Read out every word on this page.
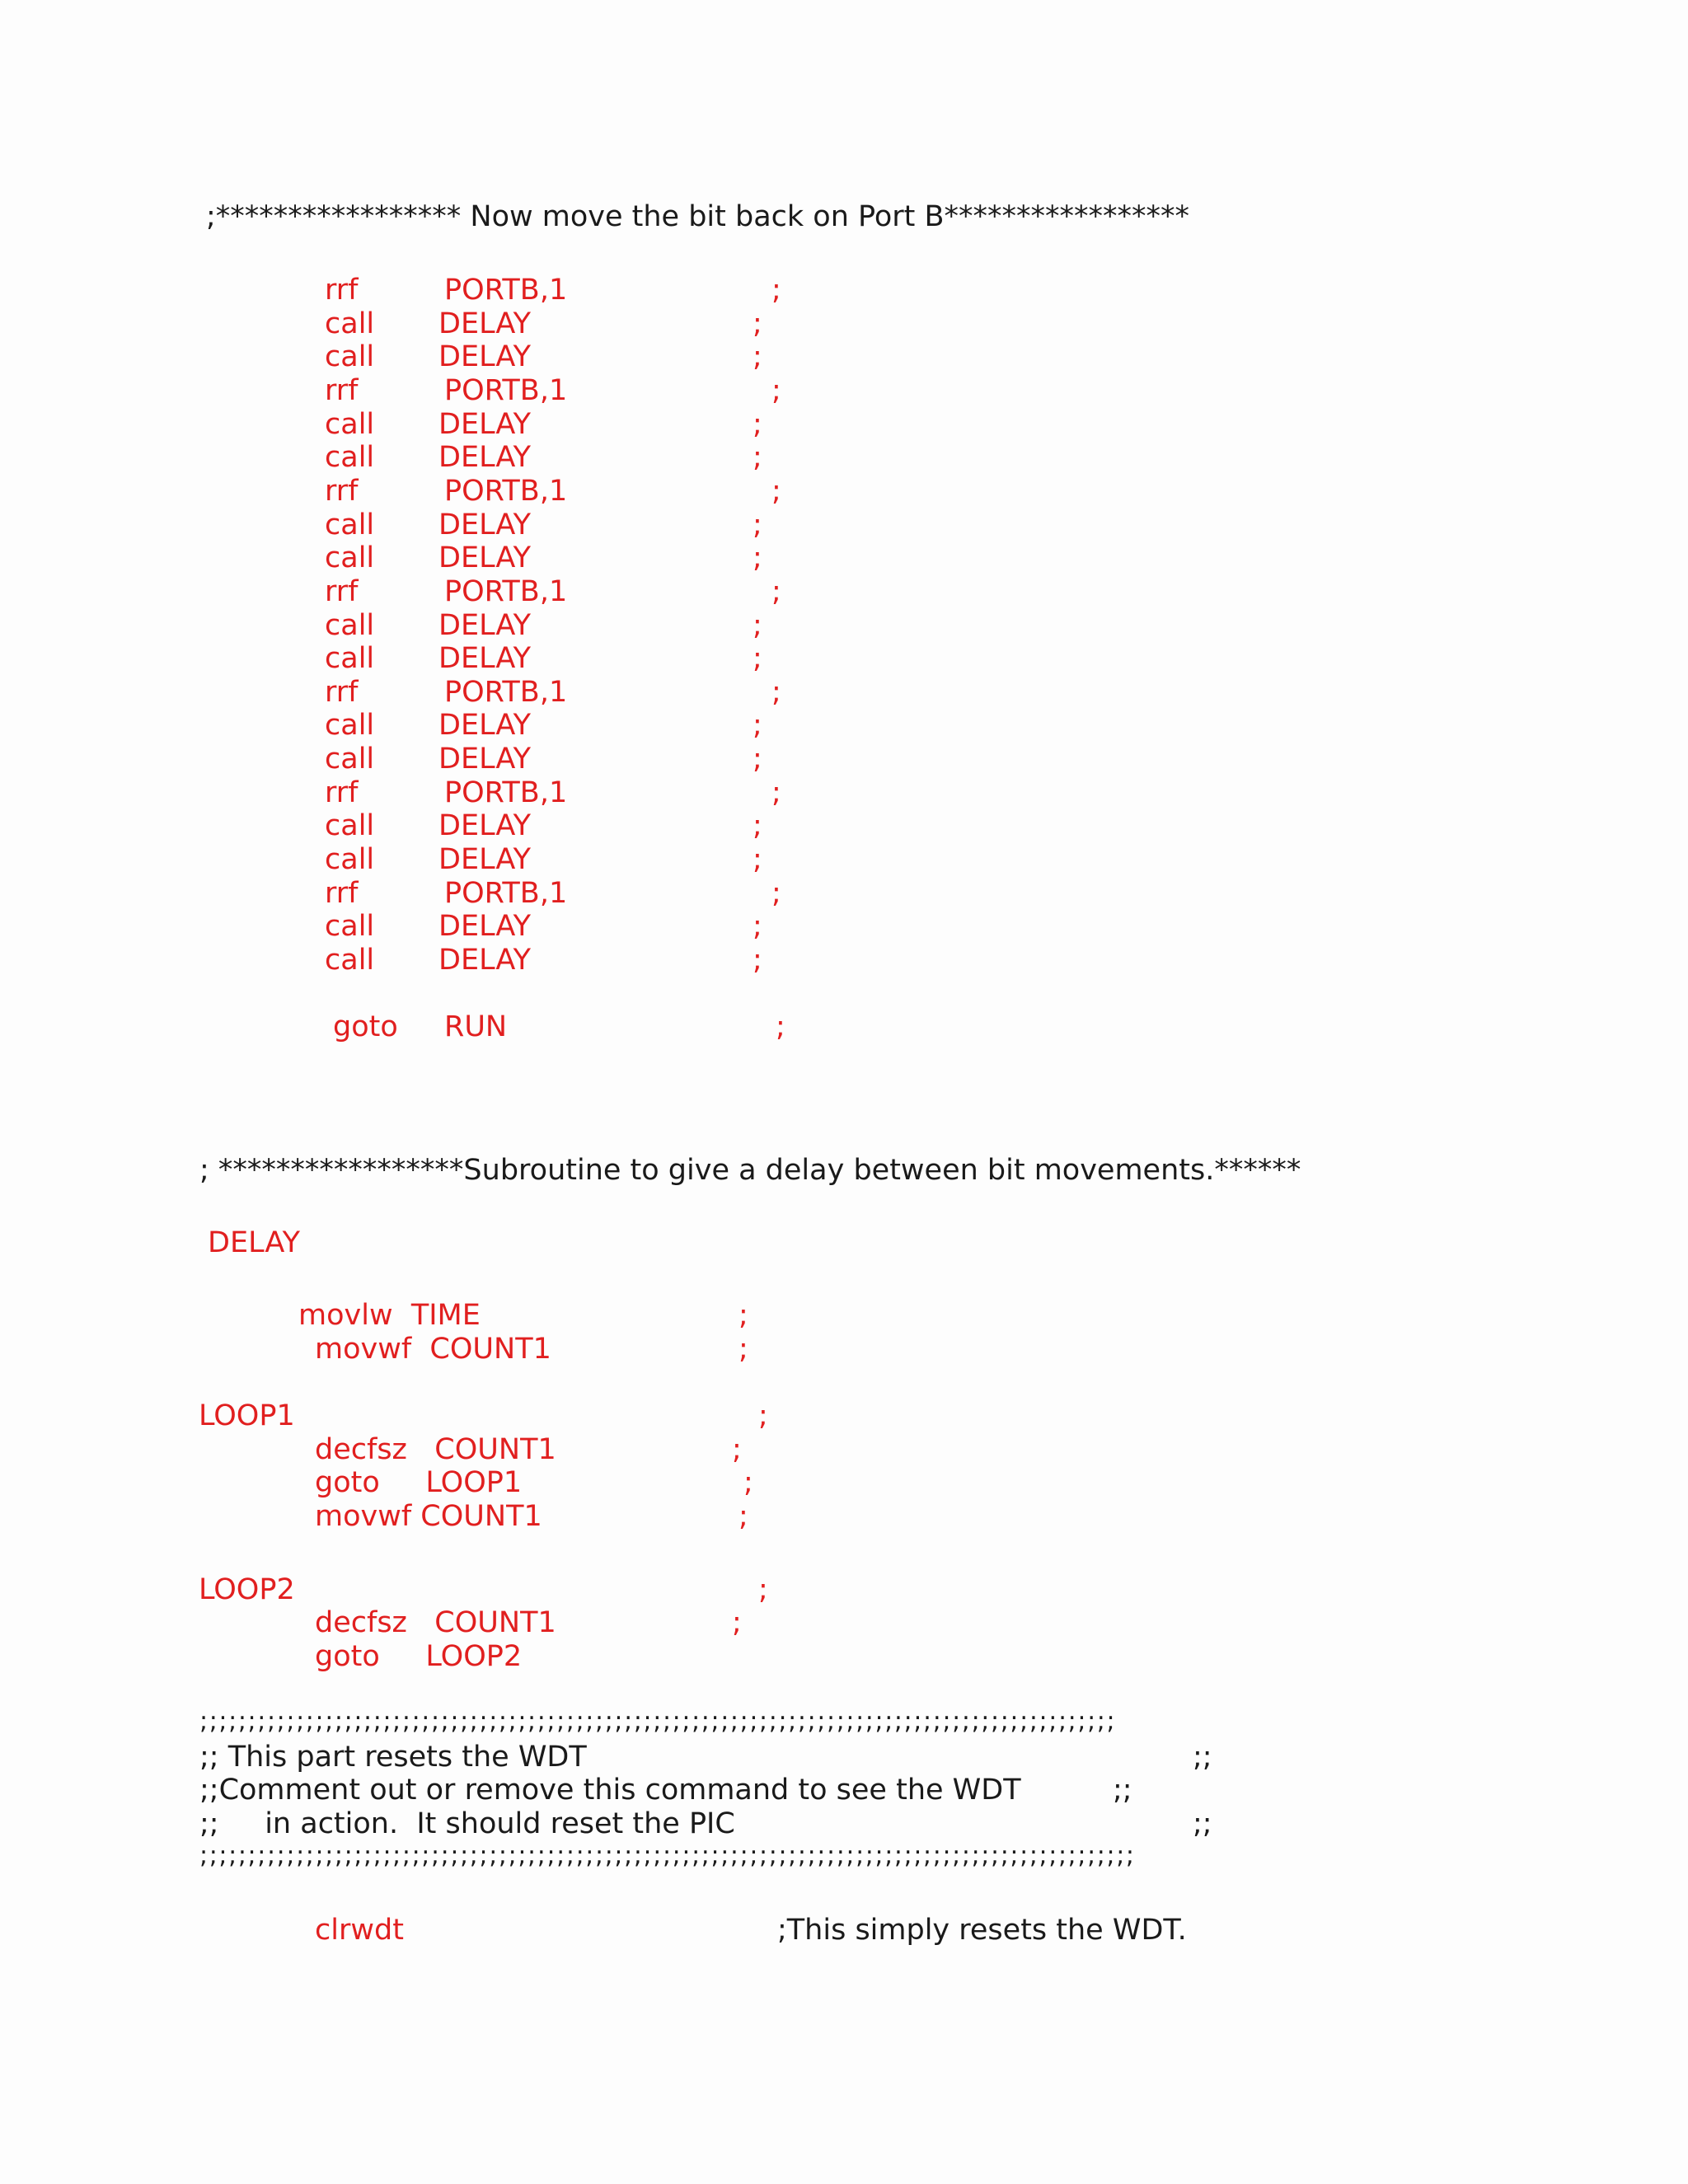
;***************** Now move the bit back on Port B*****************
rrf	PORTB,1	;
call DELAY	;
call DELAY	;
rrf	PORTB,1	;
call DELAY	;
call DELAY	;
rrf	PORTB,1	;
call DELAY	;
call DELAY	;
rrf	PORTB,1	;
call DELAY	;
call DELAY	;
rrf	PORTB,1	;
call DELAY	;
call DELAY	;
rrf	PORTB,1	;
call DELAY	;
call DELAY	;
rrf	PORTB,1	;
call DELAY	;
call DELAY	;
goto RUN	;
; *****************Subroutine to give a delay between bit movements.******
DELAY
movlw  TIME	;
movwf  COUNT1	;
LOOP1	;
decfsz   COUNT1	;
goto     LOOP1	;
movwf COUNT1	;
LOOP2	;
decfsz   COUNT1	;
goto     LOOP2
;;;;;;;;;;;;;;;;;;;;;;;;;;;;;;;;;;;;;;;;;;;;;;;;;;;;;;;;;;;;;;;;;;;;;;;;;;;;;;;;;;;;;;;;;;;;;;;
;; This part resets the WDT	;;
;;Comment out or remove this command to see the WDT	;;
;;     in action.  It should reset the PIC	;;
;;;;;;;;;;;;;;;;;;;;;;;;;;;;;;;;;;;;;;;;;;;;;;;;;;;;;;;;;;;;;;;;;;;;;;;;;;;;;;;;;;;;;;;;;;;;;;;;;
clrwdt	;This simply resets the WDT.
